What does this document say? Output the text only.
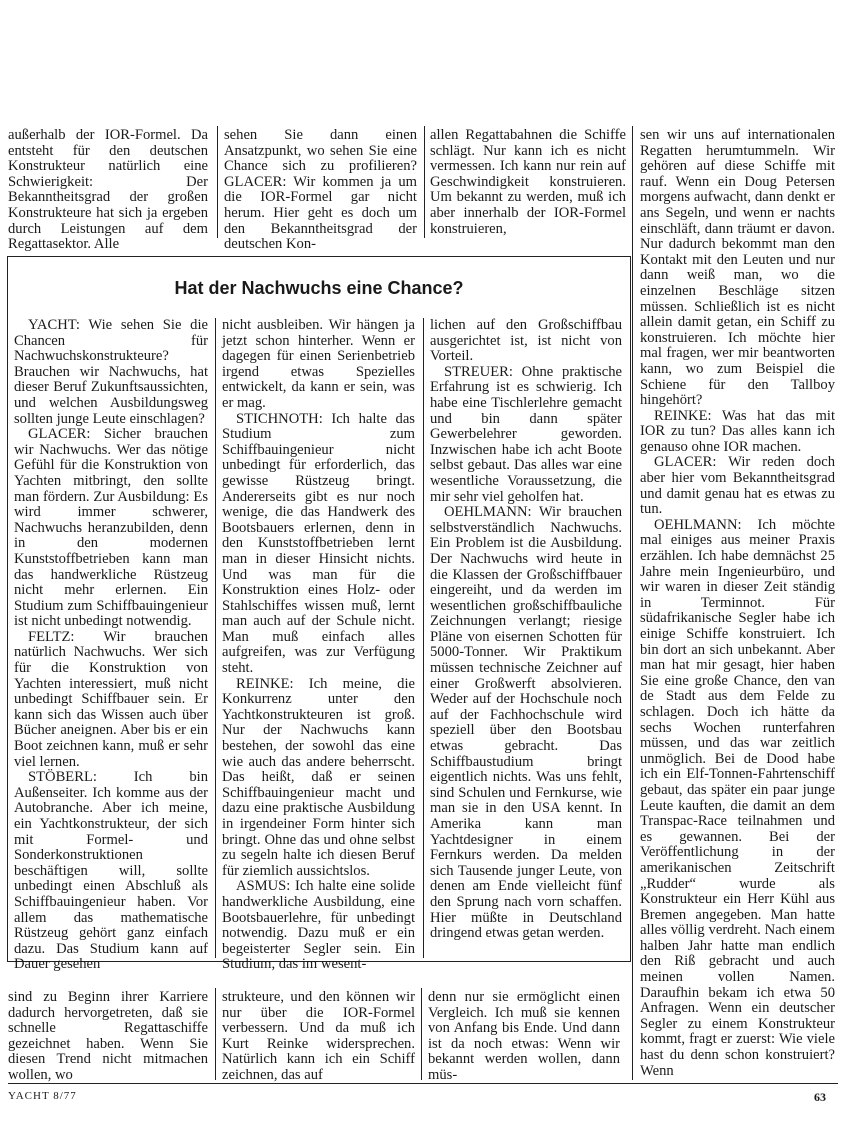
außerhalb der IOR-Formel. Da entsteht für den deutschen Konstrukteur natürlich eine Schwierigkeit: Der Bekanntheitsgrad der großen Konstrukteure hat sich ja ergeben durch Leistungen auf dem Regattasektor. Alle

sehen Sie dann einen Ansatzpunkt, wo sehen Sie eine Chance sich zu profilieren? GLACER: Wir kommen ja um die IOR-Formel gar nicht herum. Hier geht es doch um den Bekanntheitsgrad der deutschen Kon-

allen Regattabahnen die Schiffe schlägt. Nur kann ich es nicht vermessen. Ich kann nur rein auf Geschwindigkeit konstruieren. Um bekannt zu werden, muß ich aber innerhalb der IOR-Formel konstruieren,

Hat der Nachwuchs eine Chance?

YACHT: Wie sehen Sie die Chancen für Nachwuchskonstrukteure? Brauchen wir Nachwuchs, hat dieser Beruf Zukunftsaussichten, und welchen Ausbildungsweg sollten junge Leute einschlagen?

GLACER: Sicher brauchen wir Nachwuchs. Wer das nötige Gefühl für die Konstruktion von Yachten mitbringt, den sollte man fördern. Zur Ausbildung: Es wird immer schwerer, Nachwuchs heranzubilden, denn in den modernen Kunststoffbetrieben kann man das handwerkliche Rüstzeug nicht mehr erlernen. Ein Studium zum Schiffbauingenieur ist nicht unbedingt notwendig.

FELTZ: Wir brauchen natürlich Nachwuchs. Wer sich für die Konstruktion von Yachten interessiert, muß nicht unbedingt Schiffbauer sein. Er kann sich das Wissen auch über Bücher aneignen. Aber bis er ein Boot zeichnen kann, muß er sehr viel lernen.

STÖBERL: Ich bin Außenseiter. Ich komme aus der Autobranche. Aber ich meine, ein Yachtkonstrukteur, der sich mit Formel- und Sonderkonstruktionen beschäftigen will, sollte unbedingt einen Abschluß als Schiffbauingenieur haben. Vor allem das mathematische Rüstzeug gehört ganz einfach dazu. Das Studium kann auf Dauer gesehen

nicht ausbleiben. Wir hängen ja jetzt schon hinterher. Wenn er dagegen für einen Serienbetrieb irgend etwas Spezielles entwickelt, da kann er sein, was er mag.

STICHNOTH: Ich halte das Studium zum Schiffbauingenieur nicht unbedingt für erforderlich, das gewisse Rüstzeug bringt. Andererseits gibt es nur noch wenige, die das Handwerk des Bootsbauers erlernen, denn in den Kunststoffbetrieben lernt man in dieser Hinsicht nichts. Und was man für die Konstruktion eines Holz- oder Stahlschiffes wissen muß, lernt man auch auf der Schule nicht. Man muß einfach alles aufgreifen, was zur Verfügung steht.

REINKE: Ich meine, die Konkurrenz unter den Yachtkonstrukteuren ist groß. Nur der Nachwuchs kann bestehen, der sowohl das eine wie auch das andere beherrscht. Das heißt, daß er seinen Schiffbauingenieur macht und dazu eine praktische Ausbildung in irgendeiner Form hinter sich bringt. Ohne das und ohne selbst zu segeln halte ich diesen Beruf für ziemlich aussichtslos.

ASMUS: Ich halte eine solide handwerkliche Ausbildung, eine Bootsbauerlehre, für unbedingt notwendig. Dazu muß er ein begeisterter Segler sein. Ein Studium, das im wesent-

lichen auf den Großschiffbau ausgerichtet ist, ist nicht von Vorteil.

STREUER: Ohne praktische Erfahrung ist es schwierig. Ich habe eine Tischlerlehre gemacht und bin dann später Gewerbelehrer geworden. Inzwischen habe ich acht Boote selbst gebaut. Das alles war eine wesentliche Voraussetzung, die mir sehr viel geholfen hat.

OEHLMANN: Wir brauchen selbstverständlich Nachwuchs. Ein Problem ist die Ausbildung. Der Nachwuchs wird heute in die Klassen der Großschiffbauer eingereiht, und da werden im wesentlichen großschiffbauliche Zeichnungen verlangt; riesige Pläne von eisernen Schotten für 5000-Tonner. Wir Praktikum müssen technische Zeichner auf einer Großwerft absolvieren. Weder auf der Hochschule noch auf der Fachhochschule wird speziell über den Bootsbau etwas gebracht. Das Schiffbaustudium bringt eigentlich nichts. Was uns fehlt, sind Schulen und Fernkurse, wie man sie in den USA kennt. In Amerika kann man Yachtdesigner in einem Fernkurs werden. Da melden sich Tausende junger Leute, von denen am Ende vielleicht fünf den Sprung nach vorn schaffen. Hier müßte in Deutschland dringend etwas getan werden.

sen wir uns auf internationalen Regatten herumtummeln. Wir gehören auf diese Schiffe mit rauf. Wenn ein Doug Petersen morgens aufwacht, dann denkt er ans Segeln, und wenn er nachts einschläft, dann träumt er davon. Nur dadurch bekommt man den Kontakt mit den Leuten und nur dann weiß man, wo die einzelnen Beschläge sitzen müssen. Schließlich ist es nicht allein damit getan, ein Schiff zu konstruieren. Ich möchte hier mal fragen, wer mir beantworten kann, wo zum Beispiel die Schiene für den Tallboy hingehört?

REINKE: Was hat das mit IOR zu tun? Das alles kann ich genauso ohne IOR machen.

GLACER: Wir reden doch aber hier vom Bekanntheitsgrad und damit genau hat es etwas zu tun.

OEHLMANN: Ich möchte mal einiges aus meiner Praxis erzählen. Ich habe demnächst 25 Jahre mein Ingenieurbüro, und wir waren in dieser Zeit ständig in Terminnot. Für südafrikanische Segler habe ich einige Schiffe konstruiert. Ich bin dort an sich unbekannt. Aber man hat mir gesagt, hier haben Sie eine große Chance, den van de Stadt aus dem Felde zu schlagen. Doch ich hätte da sechs Wochen runterfahren müssen, und das war zeitlich unmöglich. Bei de Dood habe ich ein Elf-Tonnen-Fahrtenschiff gebaut, das später ein paar junge Leute kauften, die damit an dem Transpac-Race teilnahmen und es gewannen. Bei der Veröffentlichung in der amerikanischen Zeitschrift „Rudder“ wurde als Konstrukteur ein Herr Kühl aus Bremen angegeben. Man hatte alles völlig verdreht. Nach einem halben Jahr hatte man endlich den Riß gebracht und auch meinen vollen Namen. Daraufhin bekam ich etwa 50 Anfragen. Wenn ein deutscher Segler zu einem Konstrukteur kommt, fragt er zuerst: Wie viele hast du denn schon konstruiert? Wenn

sind zu Beginn ihrer Karriere dadurch hervorgetreten, daß sie schnelle Regattaschiffe gezeichnet haben. Wenn Sie diesen Trend nicht mitmachen wollen, wo

strukteure, und den können wir nur über die IOR-Formel verbessern. Und da muß ich Kurt Reinke widersprechen. Natürlich kann ich ein Schiff zeichnen, das auf

denn nur sie ermöglicht einen Vergleich. Ich muß sie kennen von Anfang bis Ende. Und dann ist da noch etwas: Wenn wir bekannt werden wollen, dann müs-

YACHT 8/77	63
